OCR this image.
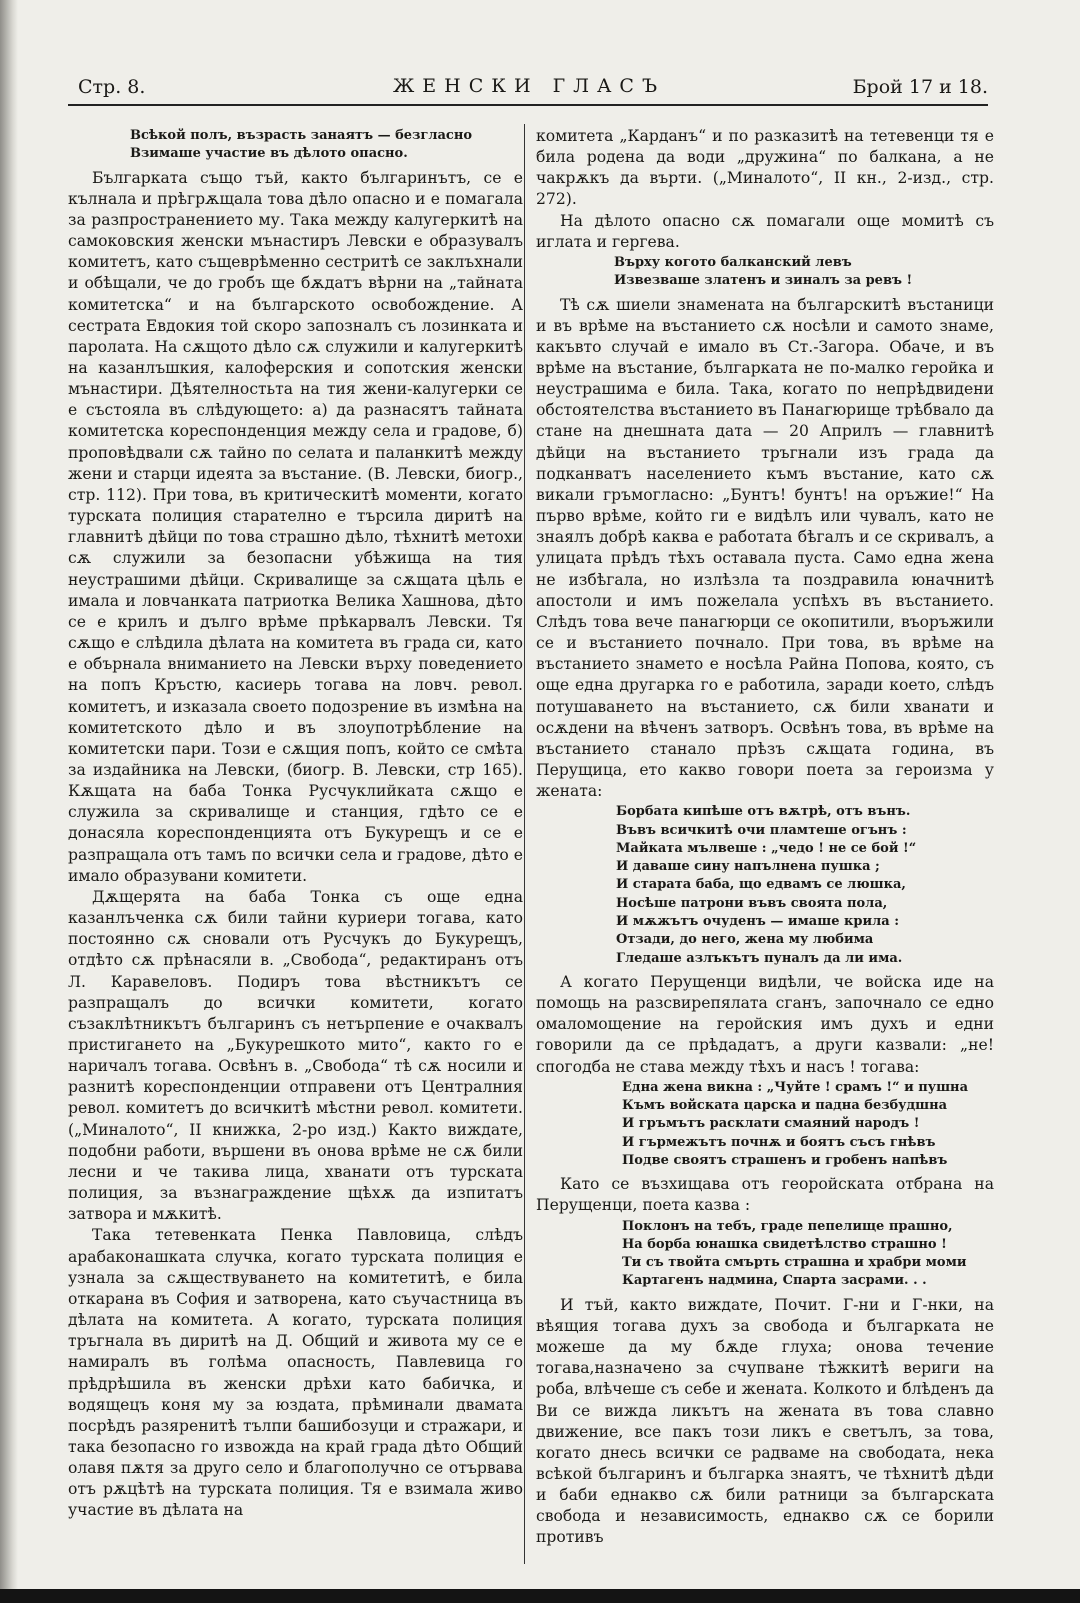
Стр. 8.	ЖЕНСКИ ГЛАСЪ	Брой 17 и 18.
Всѣкой полъ, възрасть занаятъ — безгласно
Взимаше участие въ дѣлото опасно.

Българката също тъй, както българинътъ, се е кълнала и прѣгрѫщала това дѣло опасно и е помагала за разпространението му. Така между калугеркитѣ на самоковския женски мънастиръ Левски е образувалъ комитетъ, като същеврѣменно сестритѣ се заклъхнали и обѣщали, че до гробъ ще бѫдатъ вѣрни на „тайната комитетска“ и на българското освобождение. А сестрата Евдокия той скоро запозналъ съ лозинката и паролата. На сѫщото дѣло сѫ служили и калугеркитѣ на казанлъшкия, калоферския и сопотския женски мънастири. Дѣятелностьта на тия жени-калугерки се е състояла въ слѣдующето: а) да разнасятъ тайната комитетска кореспонденция между села и градове, б) проповѣдвали сѫ тайно по селата и паланкитѣ между жени и старци идеята за въстание. (В. Левски, биогр., стр. 112). При това, въ критическитѣ моменти, когато турската полиция старателно е търсила диритѣ на главнитѣ дѣйци по това страшно дѣло, тѣхнитѣ метохи сѫ служили за безопасни убѣжища на тия неустрашими дѣйци. Скривалище за сѫщата цѣль е имала и ловчанката патриотка Велика Хашнова, дѣто се е крилъ и дълго врѣме прѣкарвалъ Левски. Тя сѫщо е слѣдила дѣлата на комитета въ града си, като е обърнала вниманието на Левски върху поведението на попъ Кръстю, касиерь тогава на ловч. револ. комитетъ, и изказала своето подозрение въ измѣна на комитетското дѣло и въ злоупотрѣбление на комитетски пари. Този е сѫщия попъ, който се смѣта за издайника на Левски, (биогр. В. Левски, стр 165). Кѫщата на баба Тонка Русчуклийката сѫщо е служила за скривалище и станция, гдѣто се е донасяла кореспонденцията отъ Букурещъ и се е разпращала отъ тамъ по всички села и градове, дѣто е имало образувани комитети.

Дѫщерята на баба Тонка съ още една казанлъченка сѫ били тайни куриери тогава, като постоянно сѫ сновали отъ Русчукъ до Букурещъ, отдѣто сѫ прѣнасяли в. „Свобода“, редактиранъ отъ Л. Каравеловъ. Подиръ това вѣстникътъ се разпращалъ до всички комитети, когато съзаклѣтникътъ българинъ съ нетърпение е очаквалъ пристигането на „Букурешкото мито“, както го е наричалъ тогава. Освѣнъ в. „Свобода“ тѣ сѫ носили и разнитѣ кореспонденции отправени отъ Централния револ. комитетъ до всичкитѣ мѣстни револ. комитети. („Миналото“, II книжка, 2-ро изд.) Както виждате, подобни работи, вършени въ онова врѣме не сѫ били лесни и че такива лица, хванати отъ турската полиция, за възнаграждение щѣхѫ да изпитатъ затвора и мѫкитѣ.

Така тетевенката Пенка Павловица, слѣдъ арабаконашката случка, когато турската полиция е узнала за сѫществуването на комитетитѣ, е била откарана въ София и затворена, като съучастница въ дѣлата на комитета. А когато, турската полиция тръгнала въ диритѣ на Д. Общий и живота му се е намиралъ въ голѣма опасность, Павлевица го прѣдрѣшила въ женски дрѣхи като бабичка, и водящецъ коня му за юздата, прѣминали двамата посрѣдъ разяренитѣ тълпи башибозуци и стражари, и така безопасно го извожда на край града дѣто Общий олавя пѫтя за друго село и благополучно се отървава отъ рѫцѣтѣ на турската полиция. Тя е взимала живо участие въ дѣлата на

комитета „Карданъ“ и по разказитѣ на тетевенци тя е била родена да води „дружина“ по балкана, а не чакрѫкъ да върти. („Миналото“, II кн., 2-изд., стр. 272).

На дѣлото опасно сѫ помагали още момитѣ съ иглата и гергева.

Върху когото балканский левъ
Извезваше златенъ и зиналъ за ревъ !

Тѣ сѫ шиели знамената на българскитѣ въстаници и въ врѣме на въстанието сѫ носѣли и самото знаме, какъвто случай е имало въ Ст.-Загора. Обаче, и въ врѣме на въстание, българката не по-малко геройка и неустрашима е била. Така, когато по непрѣдвидени обстоятелства въстанието въ Панагюрище трѣбвало да стане на днешната дата — 20 Априлъ — главнитѣ дѣйци на въстанието тръгнали изъ града да подканватъ населението къмъ въстание, като сѫ викали гръмогласно: „Бунтъ! бунтъ! на оръжие!“ На първо врѣме, който ги е видѣлъ или чувалъ, като не знаялъ добрѣ каква е работата бѣгалъ и се скривалъ, а улицата прѣдъ тѣхъ оставала пуста. Само една жена не избѣгала, но излѣзла та поздравила юначнитѣ апостоли и имъ пожелала успѣхъ въ въстанието. Слѣдъ това вече панагюрци се окопитили, въоръжили се и въстанието почнало. При това, въ врѣме на въстанието знамето е носѣла Райна Попова, която, съ още една другарка го е работила, заради което, слѣдъ потушаването на въстанието, сѫ били хванати и осѫдени на вѣченъ затворъ. Освѣнъ това, въ врѣме на въстанието станало прѣзъ сѫщата година, въ Перущица, ето какво говори поета за героизма у жената:

Борбата кипѣше отъ вѫтрѣ, отъ вънъ.
Въвъ всичкитѣ очи пламтеше огънъ :
Майката мълвеше : „чедо ! не се бой !“
И даваше сину напълнена пушка ;
И старата баба, що едвамъ се люшка,
Носѣше патрони въвъ своята пола,
И мѫжътъ очуденъ — имаше крила :
Отзади, до него, жена му любима
Гледаше азлъкътъ пуналъ да ли има.

А когато Перущенци видѣли, че войска иде на помощь на разсвирепялата сганъ, започнало се едно омаломощение на геройския имъ духъ и едни говорили да се прѣдадатъ, а други казвали: „не! спогодба не става между тѣхъ и насъ ! тогава:

Една жена викна : „Чуйте ! срамъ !“ и пушна
Къмъ войската царска и падна безбудшна
И гръмътъ расклати смаяний народъ !
И гърмежътъ почнѫ и боятъ съсъ гнѣвъ
Подве своятъ страшенъ и гробенъ напѣвъ

Като се възхищава отъ георойската отбрана на Перущенци, поета казва :

Поклонъ на тебъ, граде пепелище прашно,
На борба юнашка свидетѣлство страшно !
Ти съ твойта смърть страшна и храбри моми
Картагенъ надмина, Спарта засрами. . .

И тъй, както виждате, Почит. Г-ни и Г-нки, на вѣящия тогава духъ за свобода и българката не можеше да му бѫде глуха; онова течение тогава,назначено за счупване тѣжкитѣ вериги на роба, влѣчеше съ себе и жената. Колкото и блѣденъ да Ви се вижда ликътъ на жената въ това славно движение, все пакъ този ликъ е светълъ, за това, когато днесь всички се радваме на свободата, нека всѣкой българинъ и българка знаятъ, че тѣхнитѣ дѣди и баби еднакво сѫ били ратници за българската свобода и независимость, еднакво сѫ се борили противъ
